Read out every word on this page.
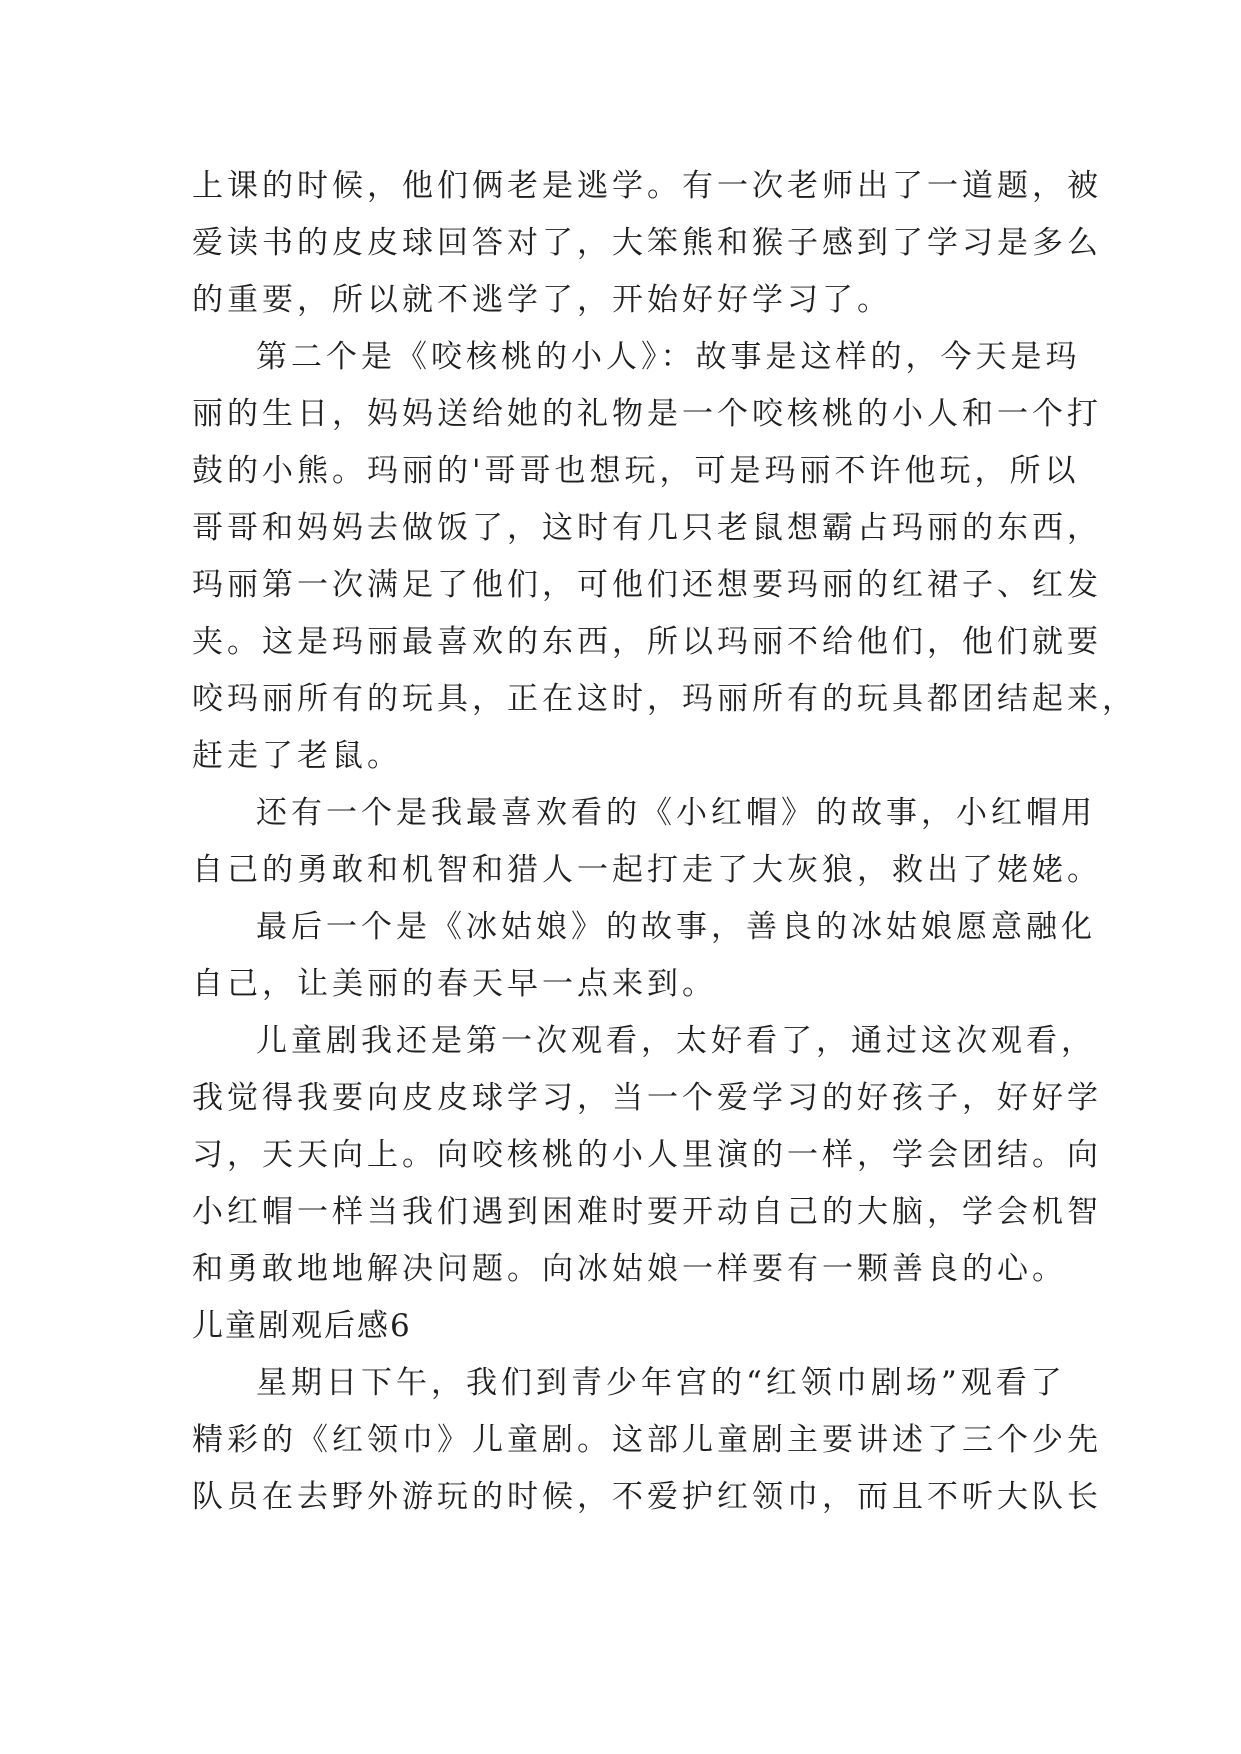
上课的时候，他们俩老是逃学。有一次老师出了一道题，被
爱读书的皮皮球回答对了，大笨熊和猴子感到了学习是多么
的重要，所以就不逃学了，开始好好学习了。
第二个是《咬核桃的小人》：故事是这样的，今天是玛
丽的生日，妈妈送给她的礼物是一个咬核桃的小人和一个打
鼓的小熊。玛丽的'哥哥也想玩，可是玛丽不许他玩，所以
哥哥和妈妈去做饭了，这时有几只老鼠想霸占玛丽的东西，
玛丽第一次满足了他们，可他们还想要玛丽的红裙子、红发
夹。这是玛丽最喜欢的东西，所以玛丽不给他们，他们就要
咬玛丽所有的玩具，正在这时，玛丽所有的玩具都团结起来，
赶走了老鼠。
还有一个是我最喜欢看的《小红帽》的故事，小红帽用
自己的勇敢和机智和猎人一起打走了大灰狼，救出了姥姥。
最后一个是《冰姑娘》的故事，善良的冰姑娘愿意融化
自己，让美丽的春天早一点来到。
儿童剧我还是第一次观看，太好看了，通过这次观看，
我觉得我要向皮皮球学习，当一个爱学习的好孩子，好好学
习，天天向上。向咬核桃的小人里演的一样，学会团结。向
小红帽一样当我们遇到困难时要开动自己的大脑，学会机智
和勇敢地地解决问题。向冰姑娘一样要有一颗善良的心。
儿童剧观后感6
星期日下午，我们到青少年宫的“红领巾剧场”观看了
精彩的《红领巾》儿童剧。这部儿童剧主要讲述了三个少先
队员在去野外游玩的时候，不爱护红领巾，而且不听大队长
